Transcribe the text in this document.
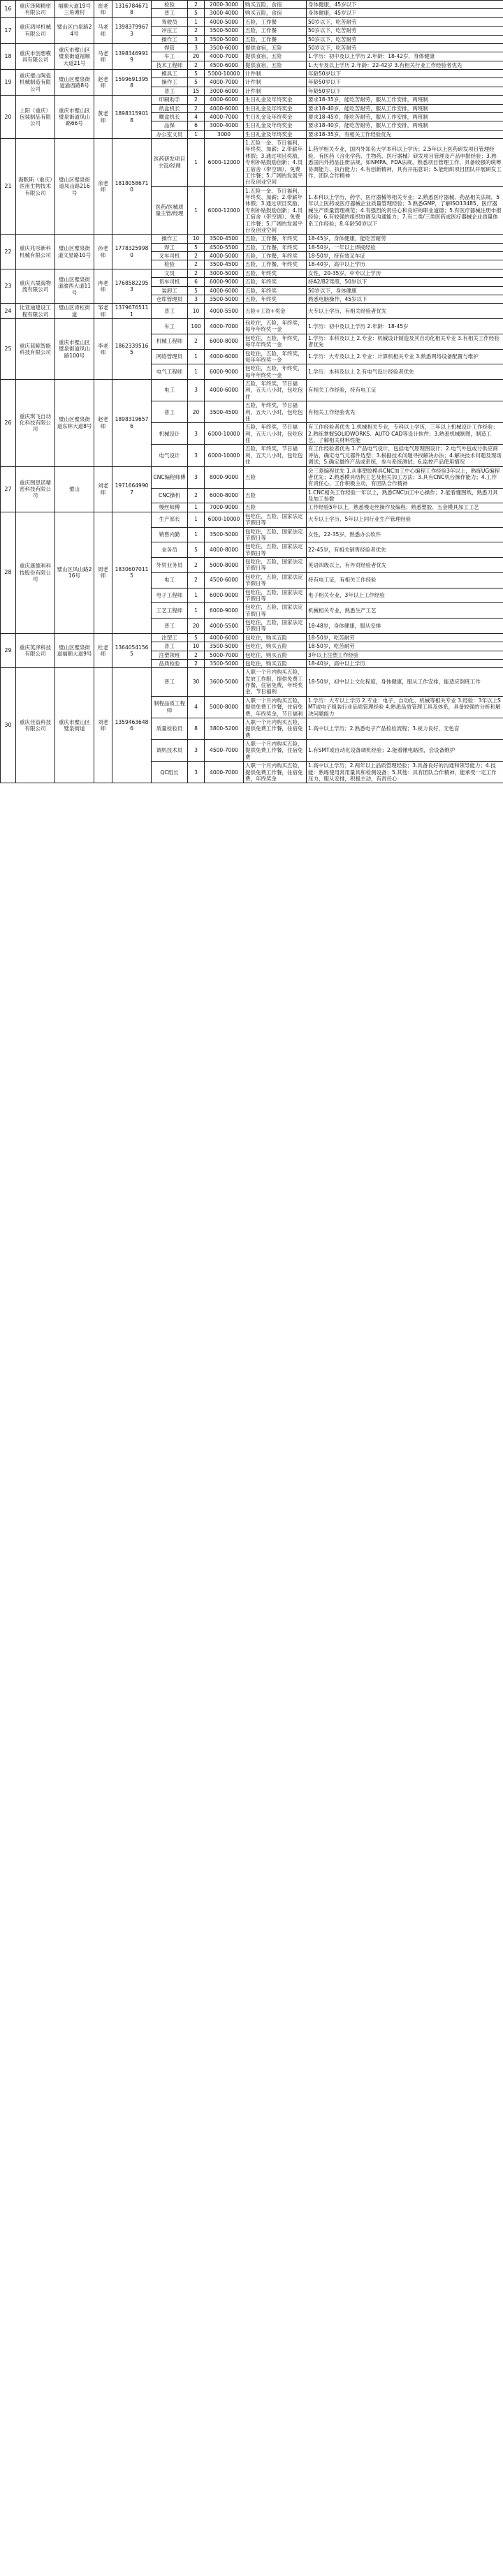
16	重庆泽频精密有限公司	福顺大道19号三角滩村	崔老师	13167846718	检验	2	2000-3000	购买五险，食宿	身体健康，45岁以下
					普工	5	3000-4000	购买五险，食宿	身体健康，45岁以下
17	重庆鸿岸机械有限公司	璧山区白泉路24号	马老师	13983799673	驾驶员	1	4000-5000	五险，工作餐	50岁以下，吃苦耐劳
					冲压工	2	3500-5000	五险，工作餐	50岁以下，吃苦耐劳
					操作工	3	3500-5000	五险，工作餐	50岁以下，吃苦耐劳
18	重庆市创想模具有限公司	重庆市璧山区璧泉街道福顺大道21号	马老师	13983469919	焊管	3	3500-6000	提供食宿，五险	50岁以下，吃苦耐劳
					车工	20	4000-7000	提供食宿，五险	1.学历：初中及以上学历 2.年龄：18-42岁，身体健康
					技术工程师	2	4500-6000	提供食宿，五险	1.大专及以上学历 2.年龄：22-42岁 3.有相关行业工作经验者优先
19	重庆璧山陶瓷机械制造有限公司	璧山区璧泉街道渝西路8号	赵老师	15996913958	模具工	5	5000-10000	计件制	年龄50岁以下
					操作工	5	4000-7000	计件制	年龄50岁以下
					普工	15	3000-6000	计件制	年龄50岁以下
20	上阳（重庆）包装制品有限公司	重庆市璧山区璧泉街道凤山路66号	黄老师	18983159018	印刷助手	2	4000-6000	生日礼金及年终奖金	要求18-35岁，能吃苦耐劳，服从工作安排，两班制
					纸盒机长	2	4000-6000	生日礼金及年终奖金	要求18-40岁，能吃苦耐劳，服从工作安排，两班制
					糊盒机长	4	4000-7000	生日礼金及年终奖金	要求18-45岁，能吃苦耐劳，服从工作安排，两班制
					品保	6	3000-4000	生日礼金及年终奖金	要求18-40岁，能吃苦耐劳，服从工作安排，两班制
					办公室文员	1	3000	生日礼金及年终奖金	要求18-35岁，有相关工作经验优先
21	海默斯（重庆）医用生物技术有限公司	璧山区璧泉街道凤山路216号	余老师	18180586710	医药研发项目主管/经理	1	6000-12000	1.五险一金、节日福利、年终奖、加薪；2.带薪年休假；3.通过项目奖励、专利补贴鼓励创新；4.员工宿舍（带空调）、免费工作餐；5.广阔的发展平台及创业空间	1.药学相关专业，国内外知名大学本科以上学历；2.5年以上医药研发项目管理经验，有医药（含化学药、生物药、医疗器械）研发项目管理及产品申报经验；3.熟悉国内外药品注册法规，如NMPA、FDA法规，熟悉项目管理工作，具备较强的统筹协调能力、执行能力；4.有创新精神，具有开拓意识；5.能组织项目团队开展研发工作，团队合作精神
					医药/医械质量主管/经理	1	6000-12000	1.五险一金、节日福利、年终奖、加薪；2.带薪年休假；3.通过项目奖励、专利补贴鼓励创新；4.员工宿舍（带空调）、免费工作餐；5.广阔的发展平台及创业空间	1.本科以上学历，药学、医疗器械等相关专业；2.熟悉医疗器械、药品相关法规，5年以上医药或医疗器械企业质量管理经验；3.熟悉GMP，了解ISO13485、医疗器械生产质量管理规范；4.有强烈的责任心和良好的职业道德；5.有医疗器械注册申报经验；6.有较强的组织协调及沟通能力；7.有二类/三类医药或医疗器械企业质量体系工作经验；8.年龄50岁以下
22	重庆兆彤新科机械有限公司	璧山区璧泉街道文星路10号	孙老师	17783259980	操作工	10	3500-4500	五险，工作餐，年终奖	18-45岁，身体健康，能吃苦耐劳
					焊工	5	4500-5500	五险，工作餐，年终奖	18-50岁，一年以上焊接经验
					叉车司机	2	4000-5000	五险，工作餐，年终奖	18-50岁，持有效叉车证
					检验	2	3500-4500	五险，工作餐，年终奖	18-40岁，高中以上学历
23	重庆兴晟海物流有限公司	璧山区璧泉街道渝西大道11号	冉老师	17685822953	文员	2	3000-5000	五险，年终奖	女性，20-35岁，中专以上学历
					货车司机	6	6000-9000	五险，年终奖	持A2/B2驾照，50岁以下
					装卸工	5	4000-6000	五险，年终奖	50岁以下，身体健康
					仓库管理员	3	3500-5000	五险，年终奖	熟悉电脑操作，45岁以下
24	比亚迪建设工程有限公司	璧山区青杠街道	邹老师	13796765111	普工	10	4000-5500	五险+工资+奖金	大专以上学历，有相关经验者优先
25	重庆蓝鲸智能科技有限公司	重庆市璧山区璧泉街道凤山路100号	李老师	18623395165	车工	100	4000-7000	包吃住，五险，年终奖，每年年终奖一金	1.学历：初中及以上学历 2.年龄：18-45岁
					机械工程师	2	6000-8000	包吃住，五险，年终奖，每年年终奖一金	1.学历：本科及以上 2.专业：机械设计制造及其自动化相关专业 3.有相关工作经验者优先
					网络管理员	1	4000-6000	包吃住，五险，年终奖，每年年终奖一金	1.学历：大专及以上 2.专业：计算机相关专业 3.熟悉网络设备配置与维护
					电气工程师	1	6000-9000	包吃住，五险，年终奖，每年年终奖一金	1.学历：本科及以上 2.有电气设计经验者优先
26	重庆琪飞自动化科技有限公司	璧山区璧泉街道东林大道8号	赵老师	18983196576	电工	3	4000-6000	五险，年终奖，节日福利，五天八小时，包吃包住	有相关工作经验，持有电工证
					普工	20	3500-4500	五险，年终奖，节日福利，五天八小时，包吃包住	有相关工作经验优先
					机械设计	3	6000-10000	五险，年终奖，节日福利，五天八小时，包吃包住	有工作经验者优先 1.机械相关专业，专科以上学历，三年以上机械设计工作经验；2.熟练掌握SOLIDWORKS、AUTO CAD等设计软件；3.熟悉机械制图，制造工艺，了解相关材料性能
					电气设计	3	6000-10000	五险，年终奖，节日福利，五天八小时，包吃包住	有工作经验者优先 1.产品电气设计，包括电气原理图设计；2.电气外包或分供应商评估，确定电气元器件选型；3.根据技术问题寻找解决办法；4.解决技术问题及现场调试；5.确定最终产品或系统，参与系统测试；6.监控产品使用情况
27	重庆图思诺精密科技有限公司	璧山	刘老师	19716649907	CNC编程师傅	3	8000-9000	五险	会三菱编程优先 1.从事塑胶模具CNC加工中心编程工作经验3年以上，熟练UG编程者优先；2.熟悉模具结构工艺及相关加工方法；3.具有CNC机台操作能力；4.工作有责任心，工作积极主动，有团队合作精神
					CNC操机	2	6000-8000	五险	1.CNC相关工作经验一年以上，熟悉CNC加工中心操作；2.能看懂图纸，熟悉刀具及加工参数
					慢丝师傅	1	7000-9000	五险	工作经验5年以上，熟悉慢走丝操作及编程；熟悉塑胶、五金模具加工工艺
28	重庆康德利科技股份有限公司	璧山区凤山路216号	周老师	18306070115	生产部长	1	6000-10000	包吃住，五险，国家法定节假日等	大专以上学历，5年以上同行业生产管理经验
					销售内勤	1	3500-5000	包吃住，五险，国家法定节假日等	女性，22-35岁，熟悉办公软件
					业务员	5	4000-8000	包吃住，五险，国家法定节假日等	22-45岁，有相关销售经验者优先
					外贸业务员	2	5000-8000	包吃住，五险，国家法定节假日等	英语四级以上，有外贸经验者优先
					电工	2	4500-6000	包吃住，五险，国家法定节假日等	持有电工证，有相关工作经验
					电子工程师	1	6000-9000	包吃住，五险，国家法定节假日等	电子相关专业，3年以上工作经验
					工艺工程师	1	6000-9000	包吃住，五险，国家法定节假日等	机械相关专业，熟悉生产工艺
					普工	20	4000-5500	包吃住，五险，国家法定节假日等	18-48岁，身体健康，服从安排
29	重庆英泽科技有限公司	璧山区璧泉街道福顺大道9号	杜老师	13640541565	注塑工	5	4000-6000	包吃住，购买五险	18-50岁，吃苦耐劳
					普工	10	3500-5000	包吃住，购买五险	18-50岁，吃苦耐劳
					注塑领班	2	5000-7000	包吃住，购买五险	3年以上注塑工作经验
					品质检验	2	3500-5000	包吃住，购买五险	18-40岁，高中以上学历
30	重庆佳益科技有限公司	重庆市璧山区璧泉街道	刘老师	13594636486	普工	30	3600-5000	入职一个月内购买五险，发放工作服，提供免费工作餐，住宿免费，年终奖金，节日福利	18-50岁，初中以上文化程度，身体健康，服从工作安排，能适应倒班工作
					制程品质工程师	4	5000-8000	入职一个月内购买五险，提供免费工作餐，住宿免费，年终奖金，节日福利	1.学历：大专以上学历 2.专业：电子、自动化、机械等相关专业 3.经验：3年以上SMT或电子组装行业品质管理经验 4.熟悉品质管理工具及体系，具备较强的分析和解决问题能力
					质量检验员	8	3800-5200	入职一个月内购买五险，提供免费工作餐，住宿免费	1.高中以上学历；2.熟悉电子产品检验流程；3.视力良好，无色盲
					调机技术员	3	4500-7000	入职一个月内购买五险，提供免费工作餐，住宿免费	1.有SMT或自动化设备调机经验；2.能看懂电路图，会设备维护
					QC组长	3	4000-7000	入职一个月内购买五险，提供免费工作餐，住宿免费，年终奖金	1.高中以上学历；2.两年以上品质管理经验；3.具备良好的沟通和领导能力；4.技能：熟练使用常用量具和检测设备；5.其他：具有团队合作精神，能承受一定工作压力，服从安排，积极主动，有责任心
